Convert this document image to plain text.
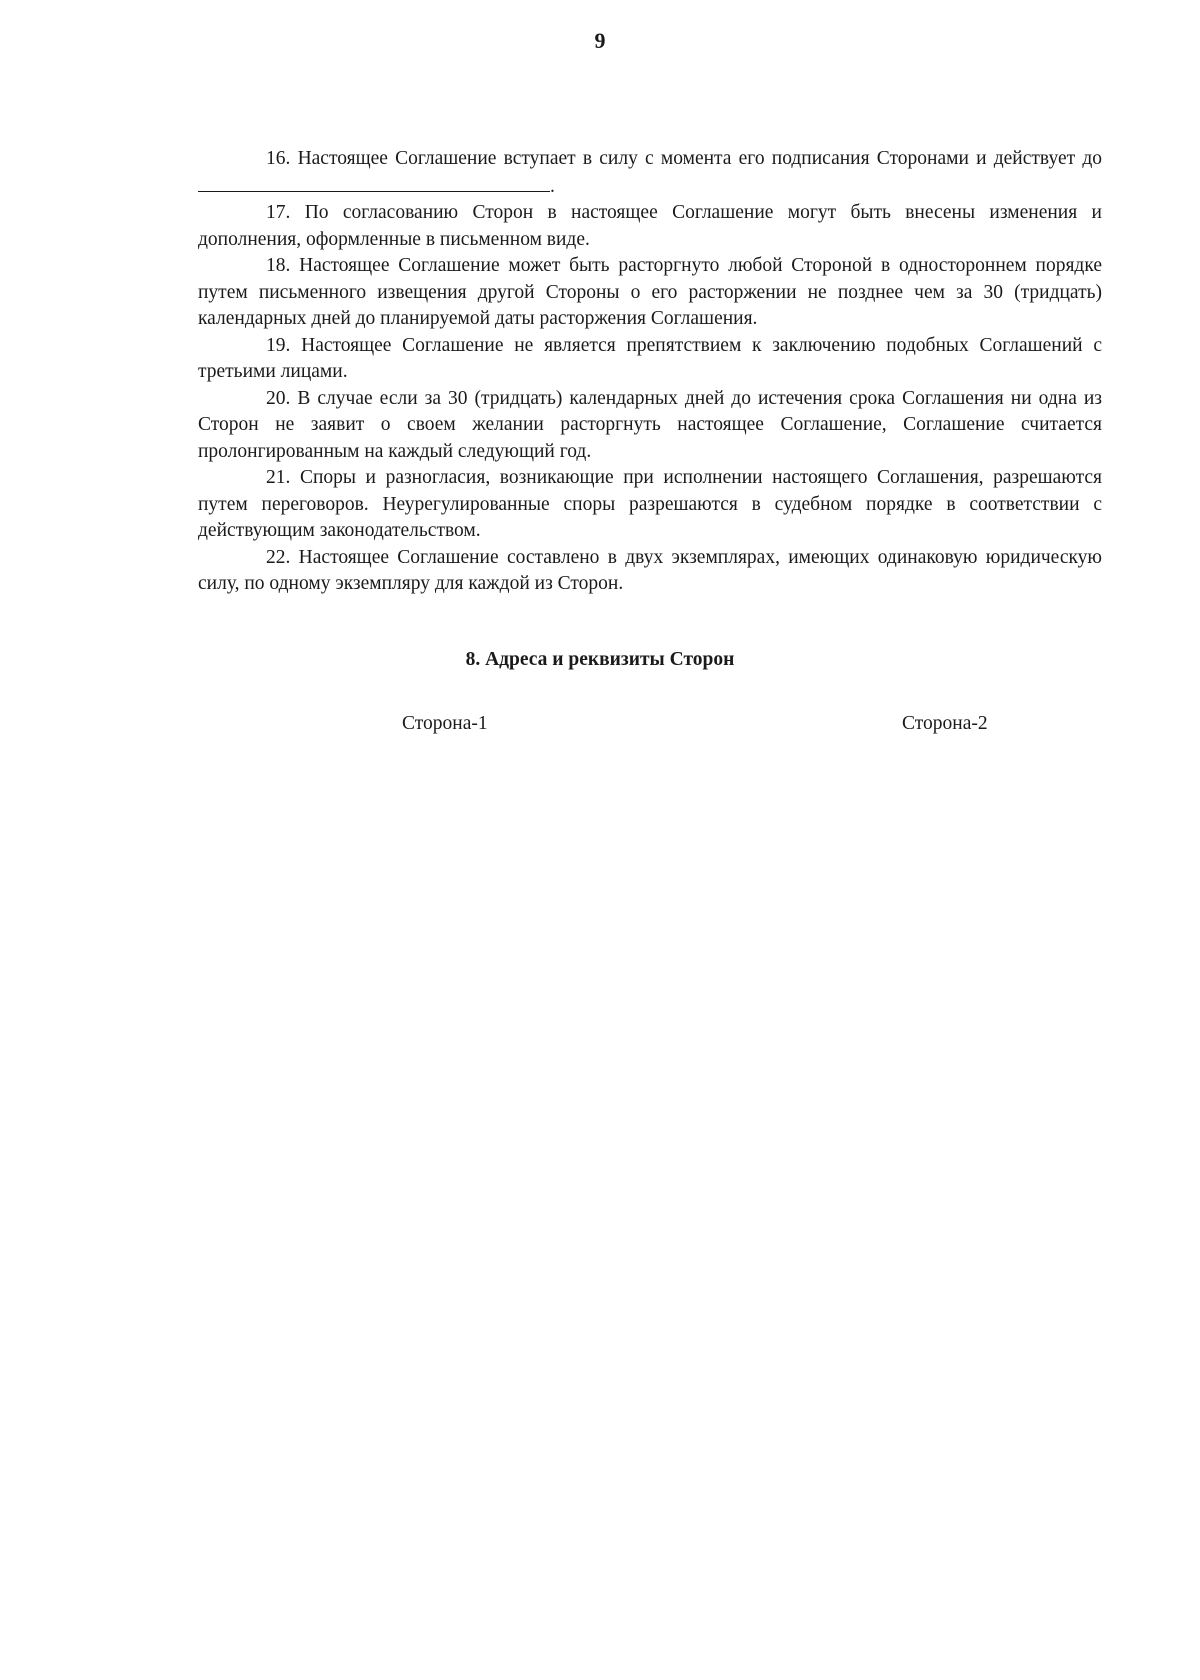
9

16. Настоящее Соглашение вступает в силу с момента его подписания Сторонами и действует до .

17. По согласованию Сторон в настоящее Соглашение могут быть внесены изменения и дополнения, оформленные в письменном виде.

18. Настоящее Соглашение может быть расторгнуто любой Стороной в одностороннем порядке путем письменного извещения другой Стороны о его расторжении не позднее чем за 30 (тридцать) календарных дней до планируемой даты расторжения Соглашения.

19. Настоящее Соглашение не является препятствием к заключению подобных Соглашений с третьими лицами.

20. В случае если за 30 (тридцать) календарных дней до истечения срока Соглашения ни одна из Сторон не заявит о своем желании расторгнуть настоящее Соглашение, Соглашение считается пролонгированным на каждый следующий год.

21. Споры и разногласия, возникающие при исполнении настоящего Соглашения, разрешаются путем переговоров. Неурегулированные споры разрешаются в судебном порядке в соответствии с действующим законодательством.

22. Настоящее Соглашение составлено в двух экземплярах, имеющих одинаковую юридическую силу, по одному экземпляру для каждой из Сторон.

8. Адреса и реквизиты Сторон
Сторона-1	Сторона-2
